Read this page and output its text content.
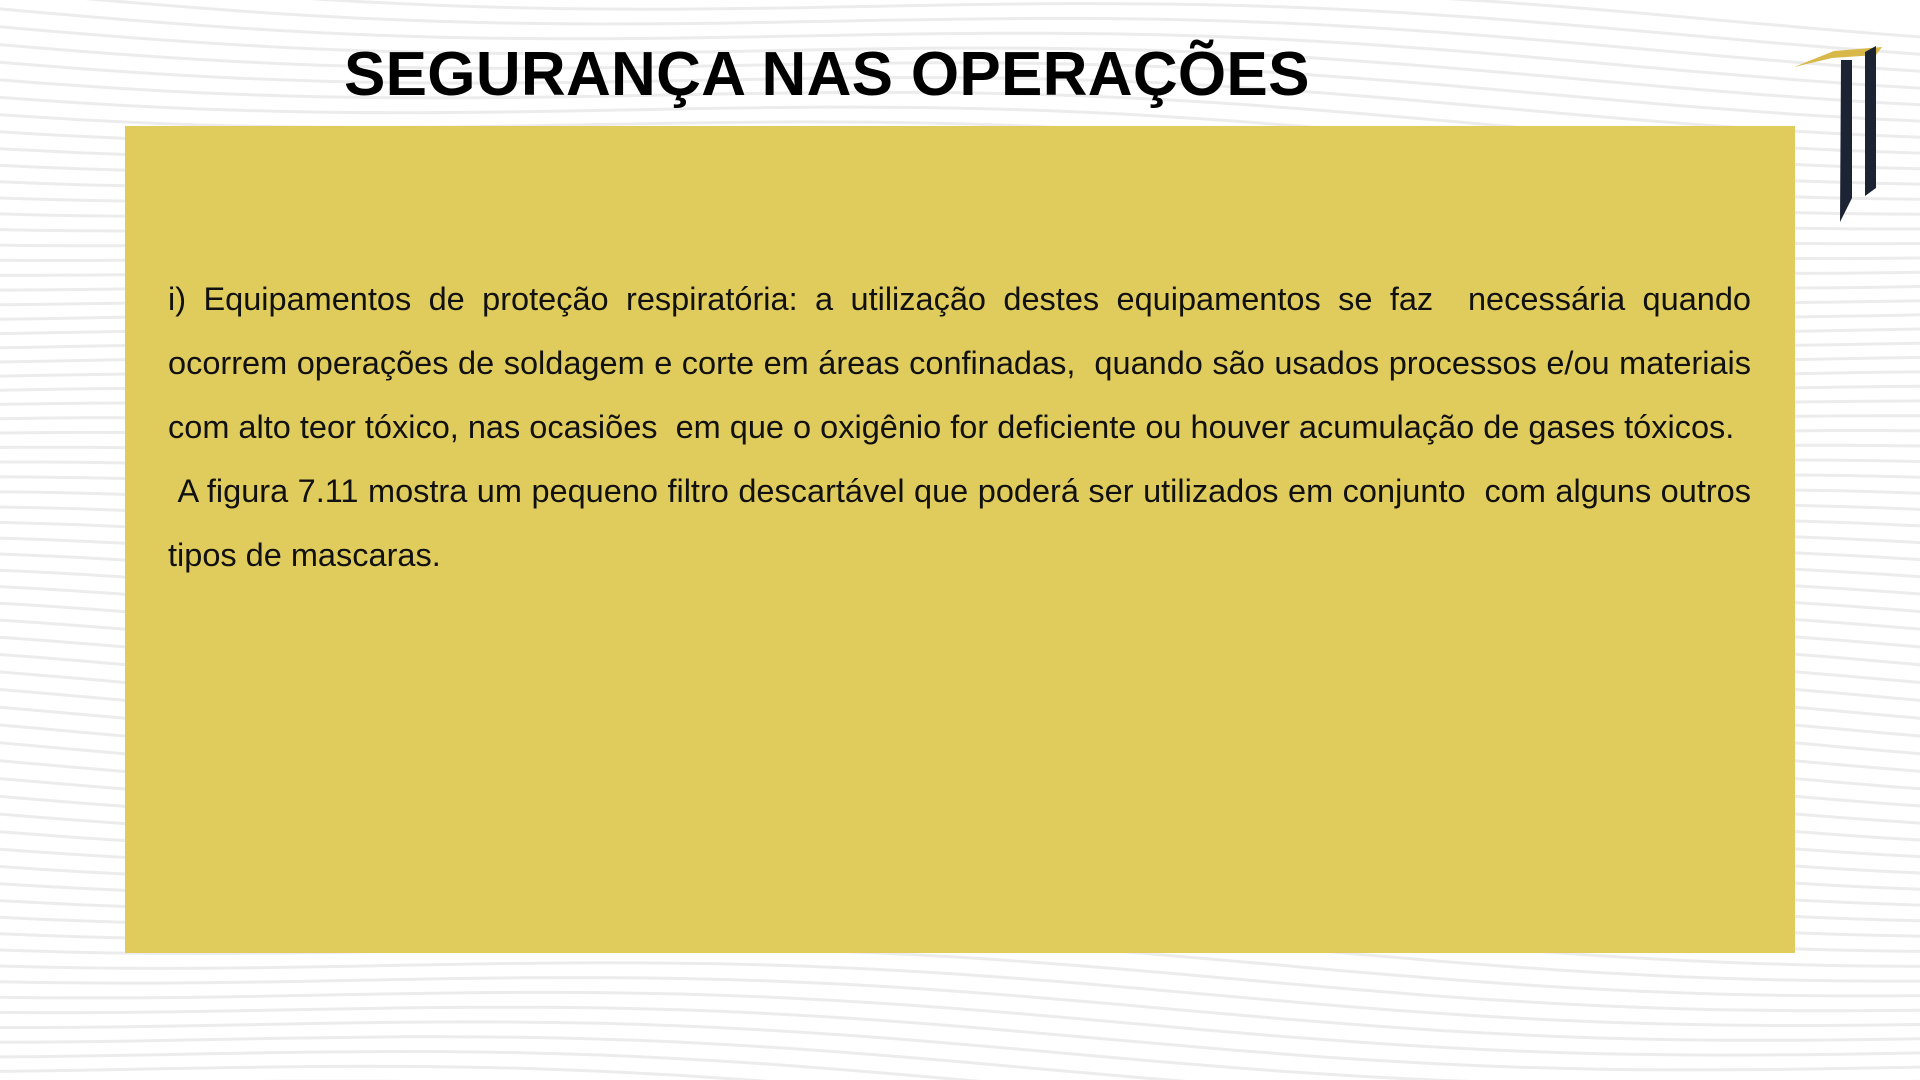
SEGURANÇA NAS OPERAÇÕES

i) Equipamentos de proteção respiratória: a utilização destes equipamentos se faz  necessária quando ocorrem operações de soldagem e corte em áreas confinadas,  quando são usados processos e/ou materiais com alto teor tóxico, nas ocasiões  em que o oxigênio for deficiente ou houver acumulação de gases tóxicos.

A figura 7.11 mostra um pequeno filtro descartável que poderá ser utilizados em conjunto  com alguns outros tipos de mascaras.
